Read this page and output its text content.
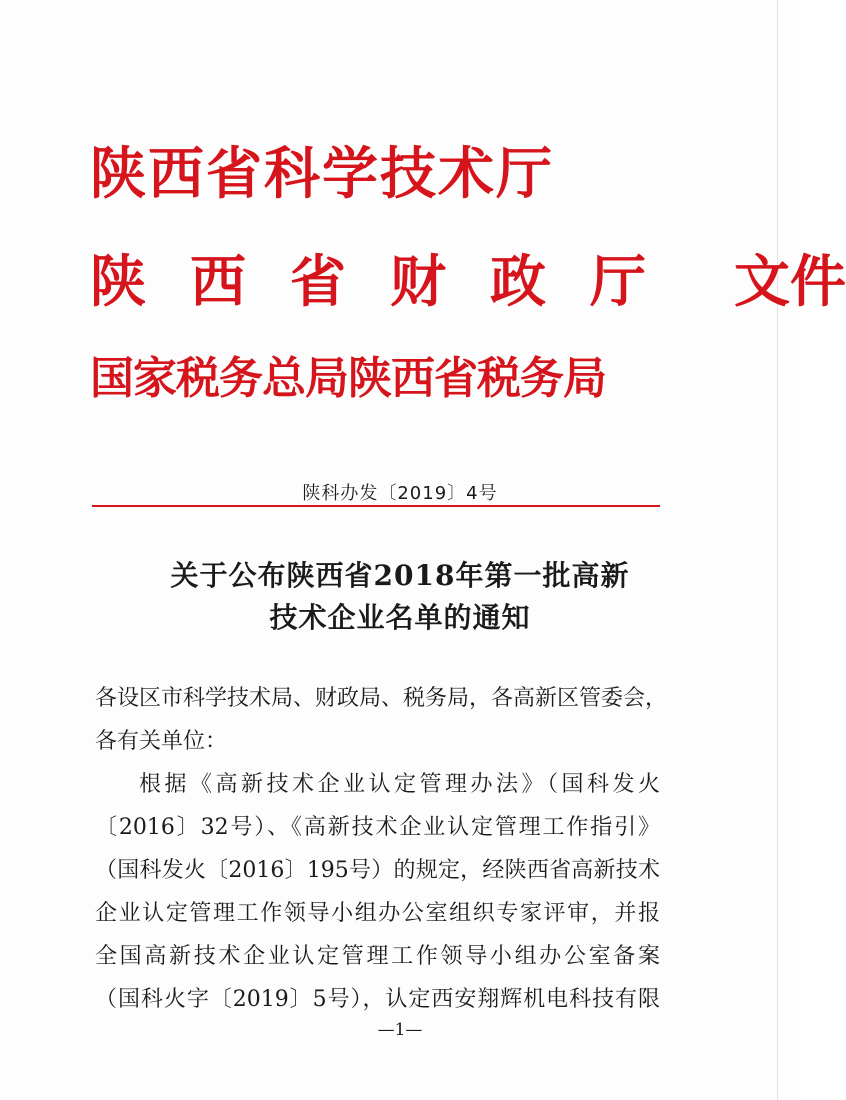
陕西省科学技术厅
陕 西 省 财 政 厅 文件
国家税务总局陕西省税务局
陕科办发〔2019〕4号
关于公布陕西省2018年第一批高新
技术企业名单的通知
各设区市科学技术局、财政局、税务局，各高新区管委会，
各有关单位：
根据《高新技术企业认定管理办法》（国科发火
〔2016〕32号）、《高新技术企业认定管理工作指引》
（国科发火〔2016〕195号）的规定，经陕西省高新技术
企业认定管理工作领导小组办公室组织专家评审，并报
全国高新技术企业认定管理工作领导小组办公室备案
（国科火字〔2019〕5号），认定西安翔辉机电科技有限
—1—
